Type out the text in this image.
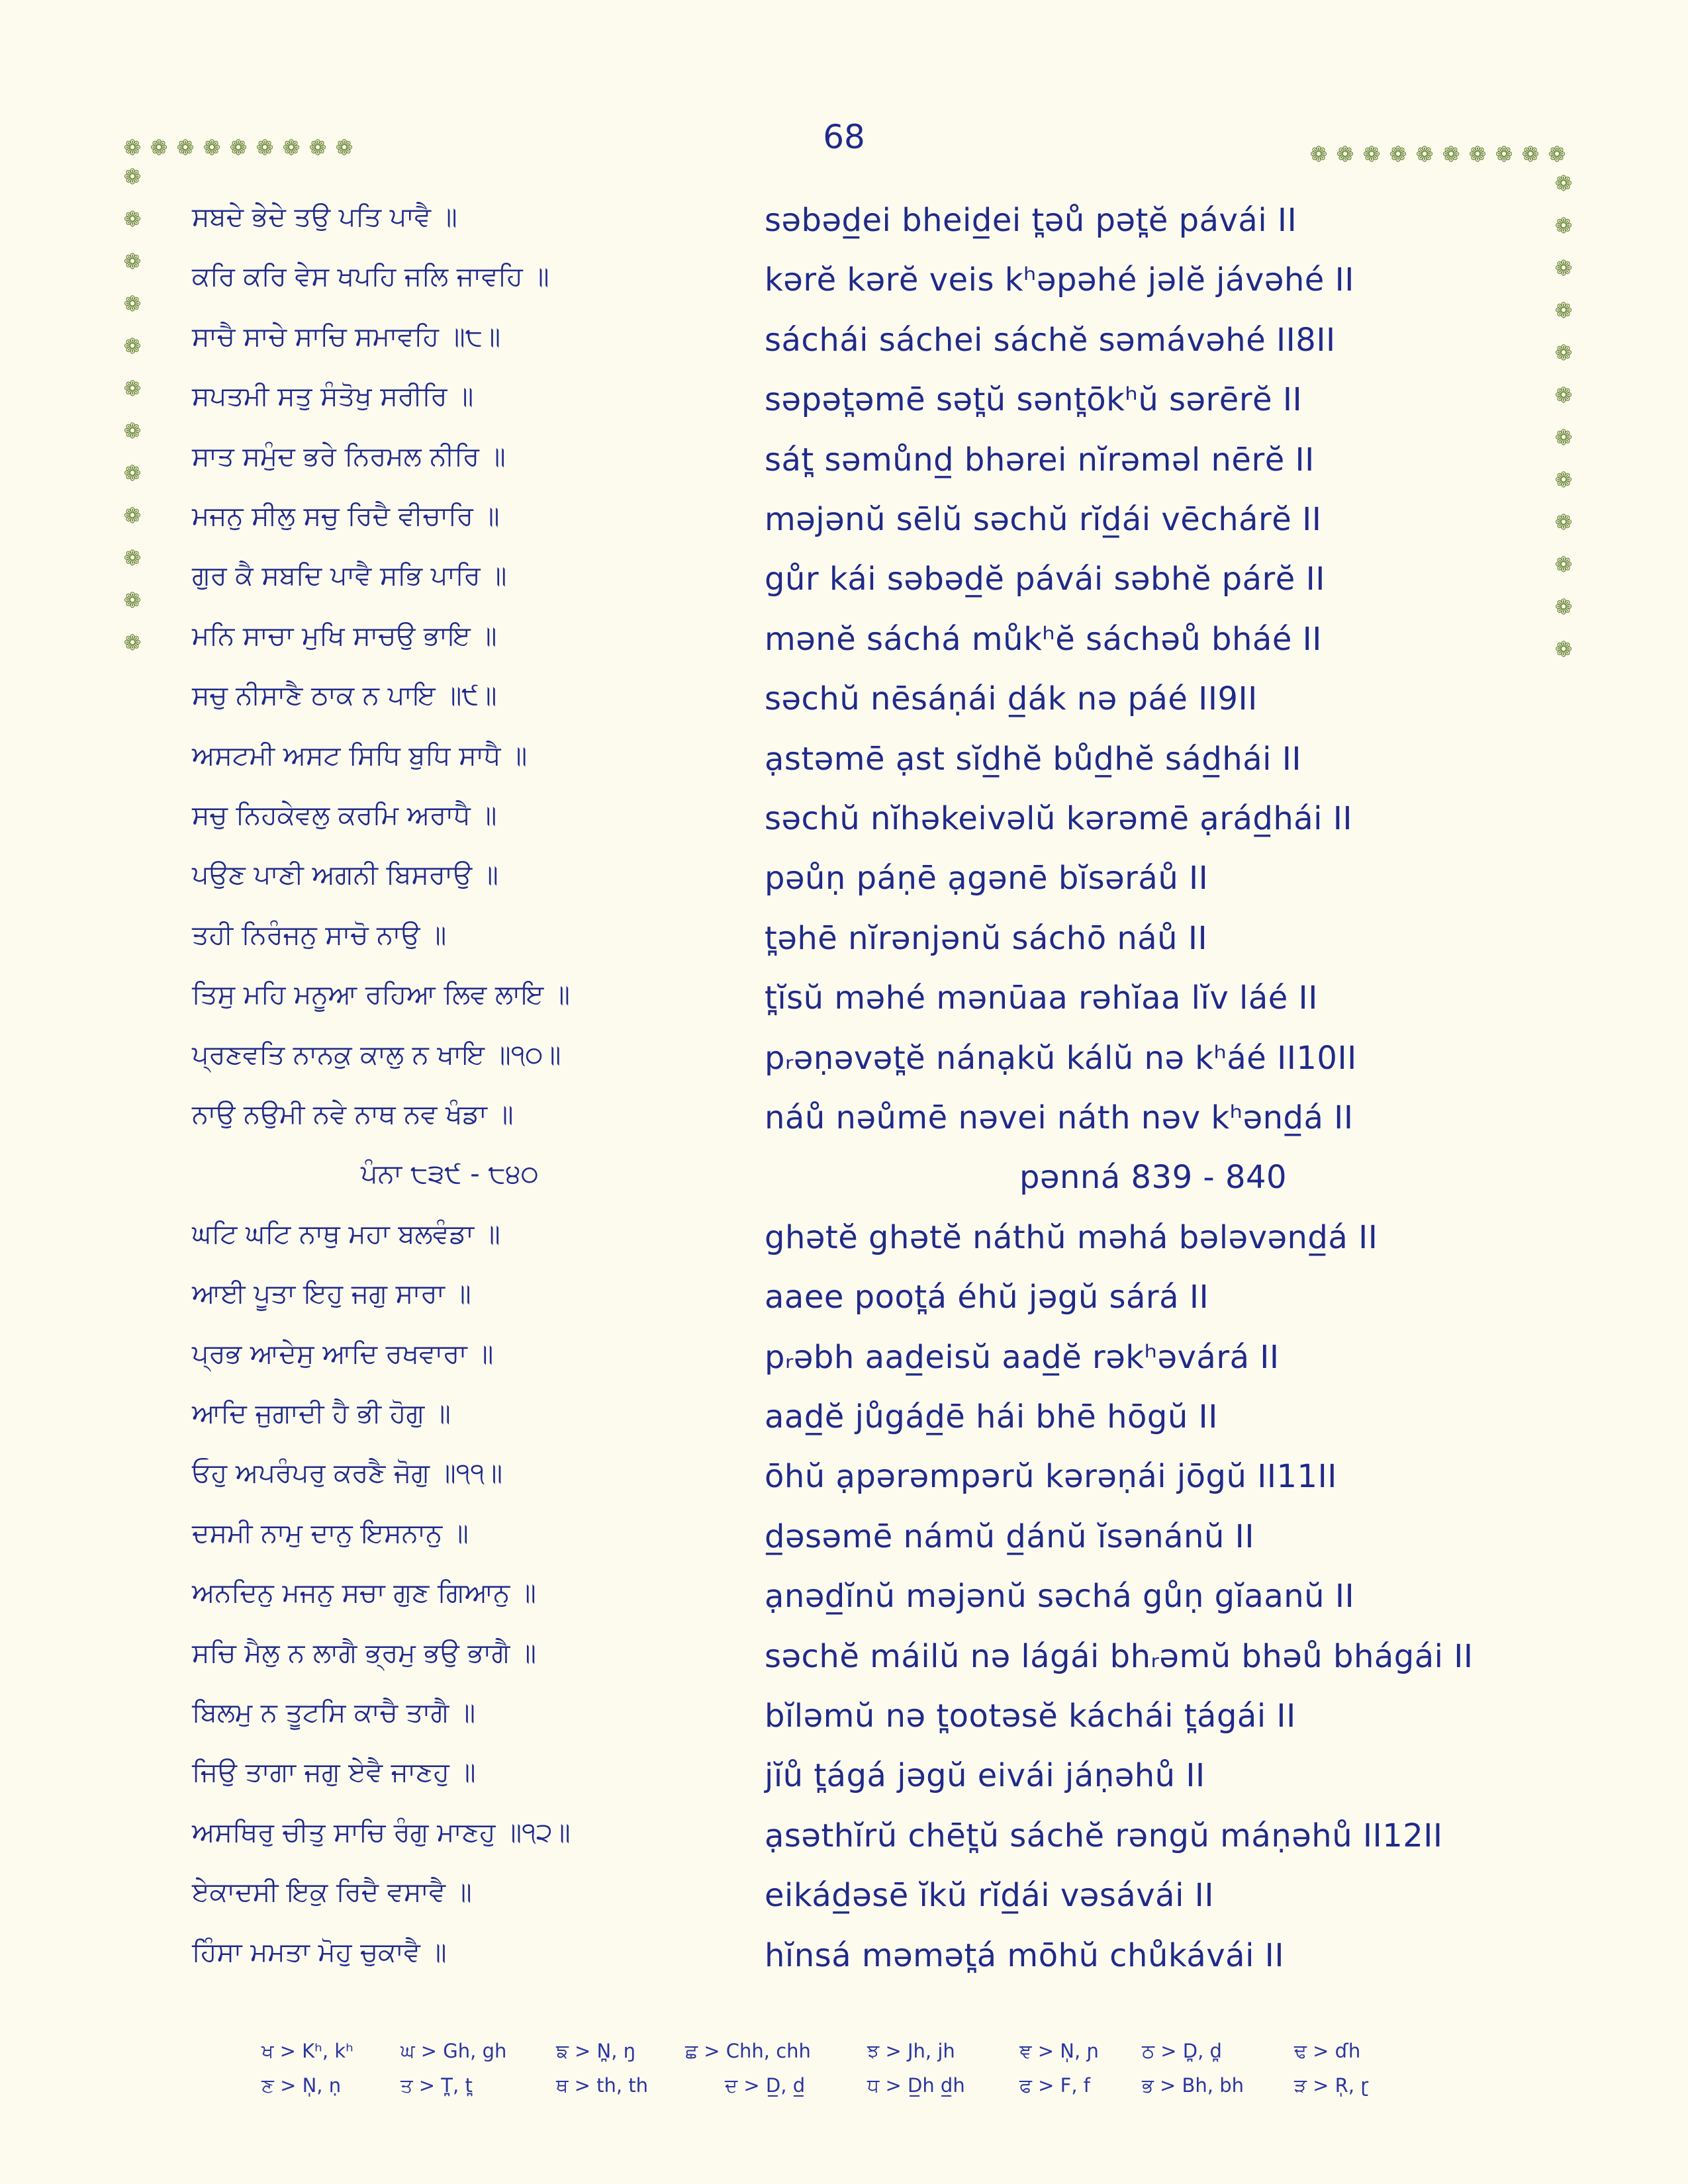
68
❁ ❁ ❁ ❁ ❁ ❁ ❁ ❁ ❁
❁
❁
❁
❁
❁
❁
❁
❁
❁
❁
❁
❁
❁ ❁ ❁ ❁ ❁ ❁ ❁ ❁ ❁ ❁
❁
❁
❁
❁
❁
❁
❁
❁
❁
❁
❁
❁
ਸਬਦੇ ਭੇਦੇ ਤਉ ਪਤਿ ਪਾਵੈ ॥	səbəd̲ei bheid̲ei t̪əů pət̪ĕ pávái II
ਕਰਿ ਕਰਿ ਵੇਸ ਖਪਹਿ ਜਲਿ ਜਾਵਹਿ ॥	kərĕ kərĕ veis kʰəpəhé jəlĕ jávəhé II
ਸਾਚੈ ਸਾਚੇ ਸਾਚਿ ਸਮਾਵਹਿ ॥੮॥	sáchái sáchei sáchĕ səmávəhé II8II
ਸਪਤਮੀ ਸਤੁ ਸੰਤੋਖੁ ਸਰੀਰਿ ॥	səpət̪əmē sət̪ŭ sənt̪ōkʰŭ sərērĕ II
ਸਾਤ ਸਮੁੰਦ ਭਰੇ ਨਿਰਮਲ ਨੀਰਿ ॥	sát̪ səmůnd̲ bhərei nĭrəməl nērĕ II
ਮਜਨੁ ਸੀਲੁ ਸਚੁ ਰਿਦੈ ਵੀਚਾਰਿ ॥	məjənŭ sēlŭ səchŭ rĭd̲ái vēchárĕ II
ਗੁਰ ਕੈ ਸਬਦਿ ਪਾਵੈ ਸਭਿ ਪਾਰਿ ॥	gůr kái səbəd̲ĕ pávái səbhĕ párĕ II
ਮਨਿ ਸਾਚਾ ਮੁਖਿ ਸਾਚਉ ਭਾਇ ॥	mənĕ sáchá můkʰĕ sáchəů bháé II
ਸਚੁ ਨੀਸਾਣੈ ਠਾਕ ਨ ਪਾਇ ॥੯॥	səchŭ nēsáṇái d̲ák nə páé II9II
ਅਸਟਮੀ ਅਸਟ ਸਿਧਿ ਬੁਧਿ ਸਾਧੈ ॥	ạstəmē ạst sĭd̲hĕ bůd̲hĕ sád̲hái II
ਸਚੁ ਨਿਹਕੇਵਲੁ ਕਰਮਿ ਅਰਾਧੈ ॥	səchŭ nĭhəkeivəlŭ kərəmē ạrád̲hái II
ਪਉਣ ਪਾਣੀ ਅਗਨੀ ਬਿਸਰਾਉ ॥	pəůṇ páṇē ạgənē bĭsəráů II
ਤਹੀ ਨਿਰੰਜਨੁ ਸਾਚੋ ਨਾਉ ॥	t̪əhē nĭrənjənŭ sáchō náů II
ਤਿਸੁ ਮਹਿ ਮਨੂਆ ਰਹਿਆ ਲਿਵ ਲਾਇ ॥	t̪ĭsŭ məhé mənūaa rəhĭaa lĭv láé II
ਪ੍ਰਣਵਤਿ ਨਾਨਕੁ ਕਾਲੁ ਨ ਖਾਇ ॥੧੦॥	pᵣəṇəvət̪ĕ nánạkŭ kálŭ nə kʰáé II10II
ਨਾਉ ਨਉਮੀ ਨਵੇ ਨਾਥ ਨਵ ਖੰਡਾ ॥	náů nəůmē nəvei náth nəv kʰənd̲á II
ਪੰਨਾ ੮੩੯ - ੮੪੦	pənná 839 - 840
ਘਟਿ ਘਟਿ ਨਾਥੁ ਮਹਾ ਬਲਵੰਡਾ ॥	ghətĕ ghətĕ náthŭ məhá bələvənd̲á II
ਆਈ ਪੂਤਾ ਇਹੁ ਜਗੁ ਸਾਰਾ ॥	aaee poot̪á éhŭ jəgŭ sárá II
ਪ੍ਰਭ ਆਦੇਸੁ ਆਦਿ ਰਖਵਾਰਾ ॥	pᵣəbh aad̲eisŭ aad̲ĕ rəkʰəvárá II
ਆਦਿ ਜੁਗਾਦੀ ਹੈ ਭੀ ਹੋਗੁ ॥	aad̲ĕ jůgád̲ē hái bhē hōgŭ II
ਓਹੁ ਅਪਰੰਪਰੁ ਕਰਣੈ ਜੋਗੁ ॥੧੧॥	ōhŭ ạpərəmpərŭ kərəṇái jōgŭ II11II
ਦਸਮੀ ਨਾਮੁ ਦਾਨੁ ਇਸਨਾਨੁ ॥	d̲əsəmē námŭ d̲ánŭ ĭsənánŭ II
ਅਨਦਿਨੁ ਮਜਨੁ ਸਚਾ ਗੁਣ ਗਿਆਨੁ ॥	ạnəd̲ĭnŭ məjənŭ səchá gůṇ gĭaanŭ II
ਸਚਿ ਮੈਲੁ ਨ ਲਾਗੈ ਭ੍ਰਮੁ ਭਉ ਭਾਗੈ ॥	səchĕ máilŭ nə lágái bhᵣəmŭ bhəů bhágái II
ਬਿਲਮੁ ਨ ਤੂਟਸਿ ਕਾਚੈ ਤਾਗੈ ॥	bĭləmŭ nə t̪ootəsĕ káchái t̪ágái II
ਜਿਉ ਤਾਗਾ ਜਗੁ ਏਵੈ ਜਾਣਹੁ ॥	jĭů t̪ágá jəgŭ eivái jáṇəhů II
ਅਸਥਿਰੁ ਚੀਤੁ ਸਾਚਿ ਰੰਗੁ ਮਾਣਹੁ ॥੧੨॥	ạsəthĭrŭ chēt̪ŭ sáchĕ rəngŭ máṇəhů II12II
ਏਕਾਦਸੀ ਇਕੁ ਰਿਦੈ ਵਸਾਵੈ ॥	eikád̲əsē ĭkŭ rĭd̲ái vəsávái II
ਹਿੰਸਾ ਮਮਤਾ ਮੋਹੁ ਚੁਕਾਵੈ ॥	hĭnsá məmət̪á mōhŭ chůkávái II
ਖ > Kʰ, kʰ ਘ > Gh, gh	ਙ > N̪, ŋ	ਛ > Chh, chh	ਝ > Jh, jh	ਞ > N̩, ɲ ਠ > D̪, d̪	ਢ > ɗh
ਣ > N̩, ṇ	ਤ > T̪, t̪	ਥ > th, th	ਦ > D̲, d̲	ਧ > D̲h d̲h	ਫ > F, f	ਭ > Bh, bh	ੜ > R̩, ɽ
